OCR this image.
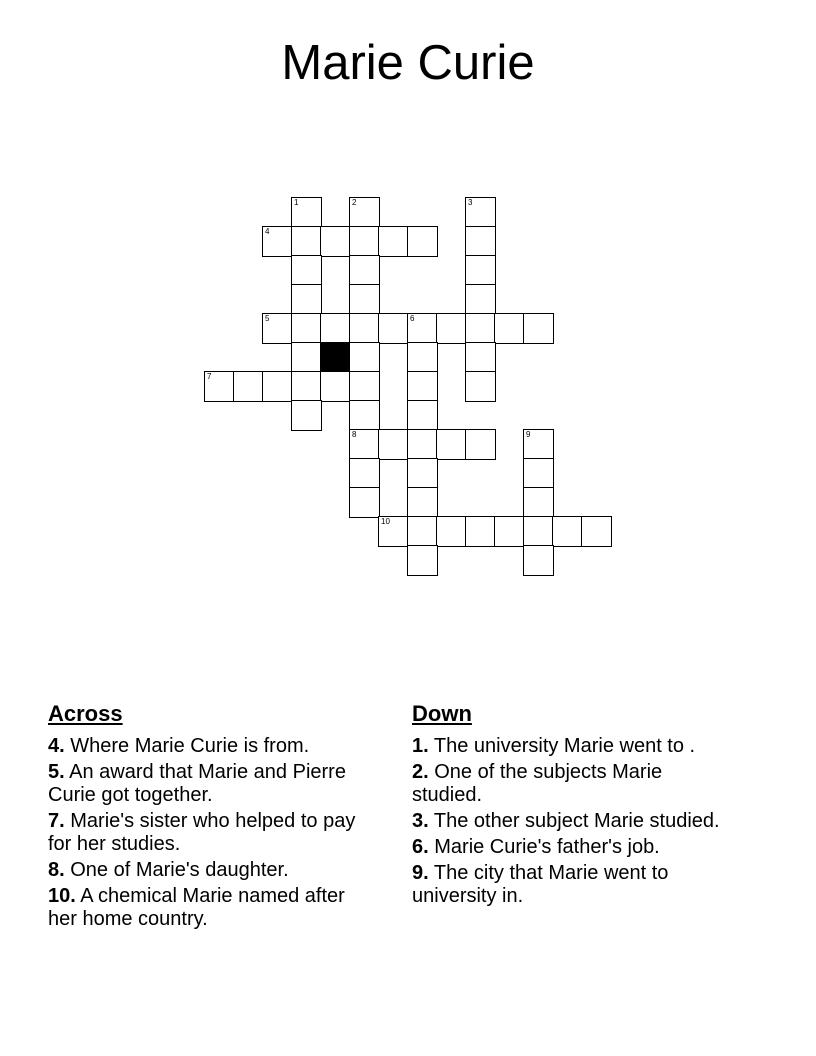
Marie Curie
1	2	3
4
5	6
7
8	9
10
Across
4. Where Marie Curie is from.
5. An award that Marie and Pierre Curie got together.
7. Marie's sister who helped to pay for her studies.
8. One of Marie's daughter.
10. A chemical Marie named after her home country.
Down
1. The university Marie went to .
2. One of the subjects Marie studied.
3. The other subject Marie studied.
6. Marie Curie's father's job.
9. The city that Marie went to university in.
